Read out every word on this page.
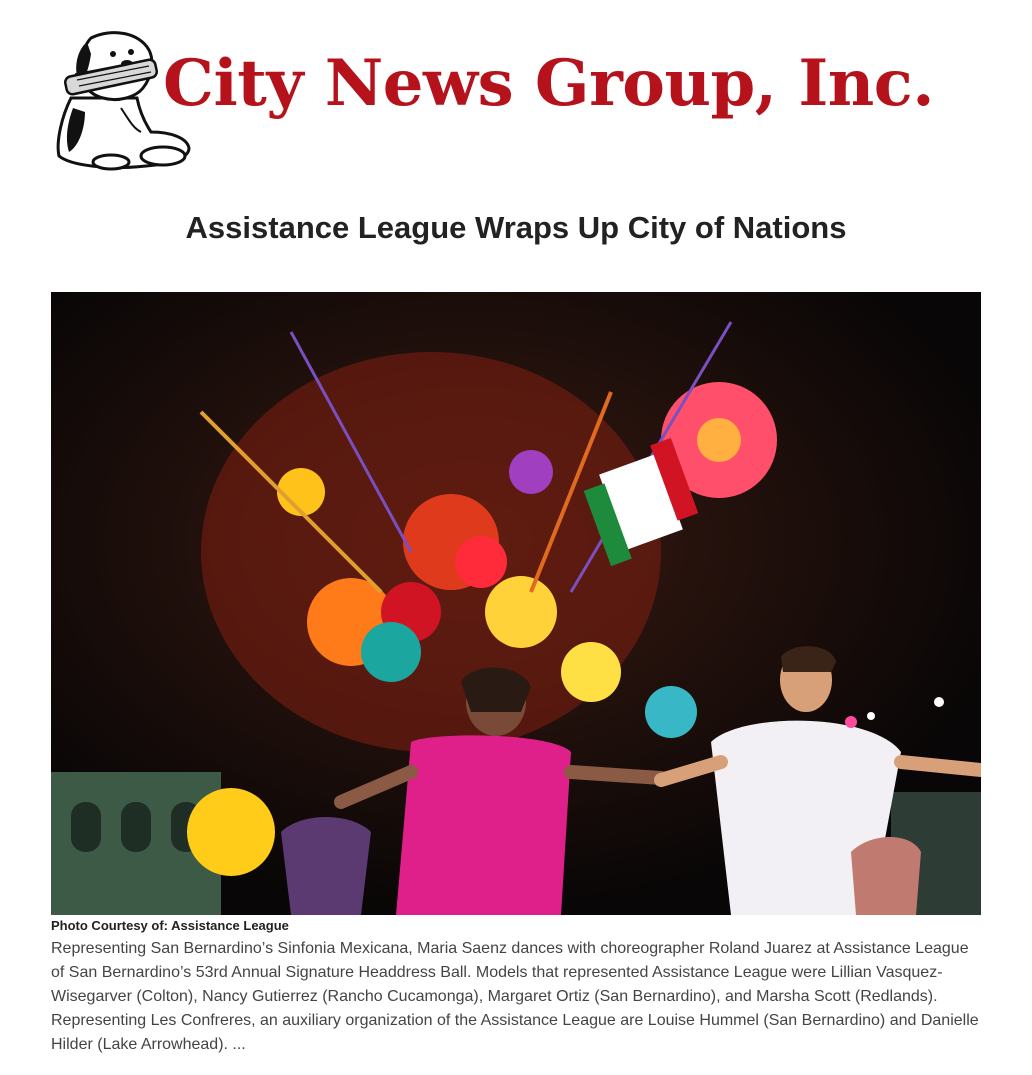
City News Group, Inc.
Assistance League Wraps Up City of Nations
Photo Courtesy of: Assistance League

Representing San Bernardino’s Sinfonia Mexicana, Maria Saenz dances with choreographer Roland Juarez at Assistance League of San Bernardino’s 53rd Annual Signature Headdress Ball. Models that represented Assistance League were Lillian Vasquez-Wisegarver (Colton), Nancy Gutierrez (Rancho Cucamonga), Margaret Ortiz (San Bernardino), and Marsha Scott (Redlands). Representing Les Confreres, an auxiliary organization of the Assistance League are Louise Hummel (San Bernardino) and Danielle Hilder (Lake Arrowhead). ...
